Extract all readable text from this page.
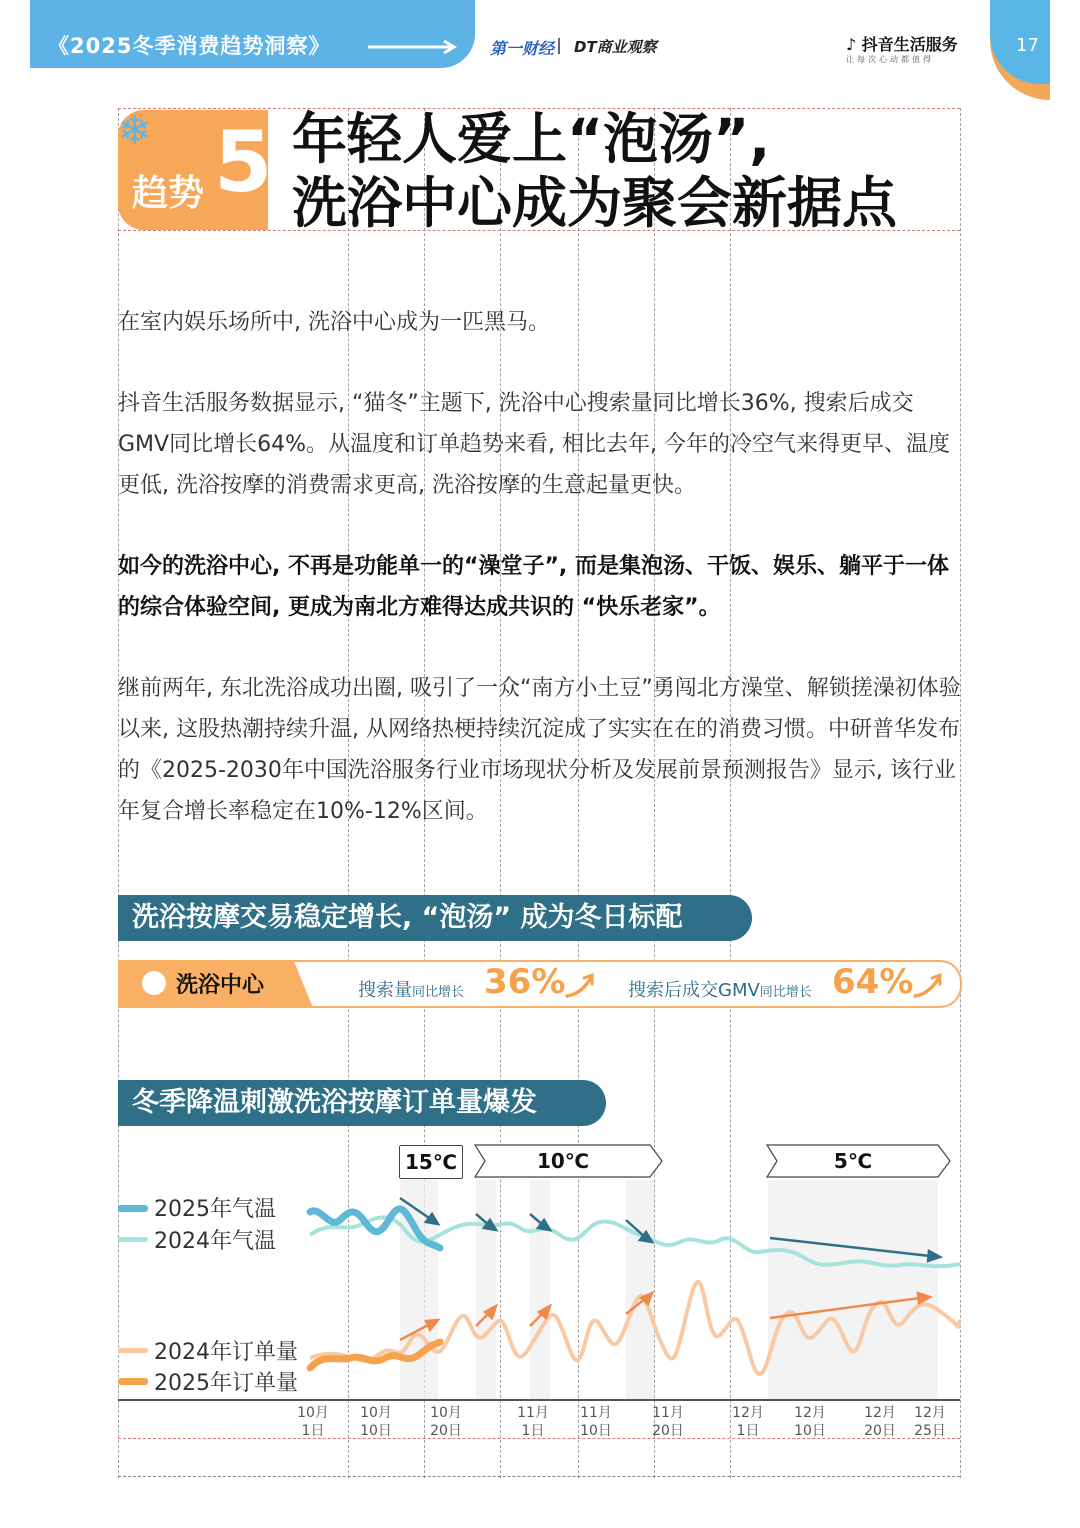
《2025冬季消费趋势洞察》	第一财经 DT商业观察	♪ 抖音生活服务
让每次心动都值得
17
❄
趋势 5 年轻人爱上“泡汤”,
洗浴中心成为聚会新据点
在室内娱乐场所中, 洗浴中心成为一匹黑马。
抖音生活服务数据显示, “猫冬”主题下, 洗浴中心搜索量同比增长36%, 搜索后成交GMV同比增长64%。从温度和订单趋势来看, 相比去年, 今年的冷空气来得更早、温度更低, 洗浴按摩的消费需求更高, 洗浴按摩的生意起量更快。
如今的洗浴中心, 不再是功能单一的“澡堂子”, 而是集泡汤、干饭、娱乐、躺平于一体的综合体验空间, 更成为南北方难得达成共识的 “快乐老家”。
继前两年, 东北洗浴成功出圈, 吸引了一众“南方小土豆”勇闯北方澡堂、解锁搓澡初体验以来, 这股热潮持续升温, 从网络热梗持续沉淀成了实实在在的消费习惯。中研普华发布的《2025-2030年中国洗浴服务行业市场现状分析及发展前景预测报告》显示, 该行业年复合增长率稳定在10%-12%区间。
洗浴按摩交易稳定增长, “泡汤” 成为冬日标配
洗浴中心	搜索量同比增长 36%	搜索后成交GMV同比增长 64%
冬季降温刺激洗浴按摩订单量爆发
15℃	10℃	5℃
2025年气温
2024年气温
2024年订单量
2025年订单量
10月
1日
10月
10日
10月
20日
11月
1日
11月
10日
11月
20日
12月
1日
12月
10日
12月
20日
12月
25日
